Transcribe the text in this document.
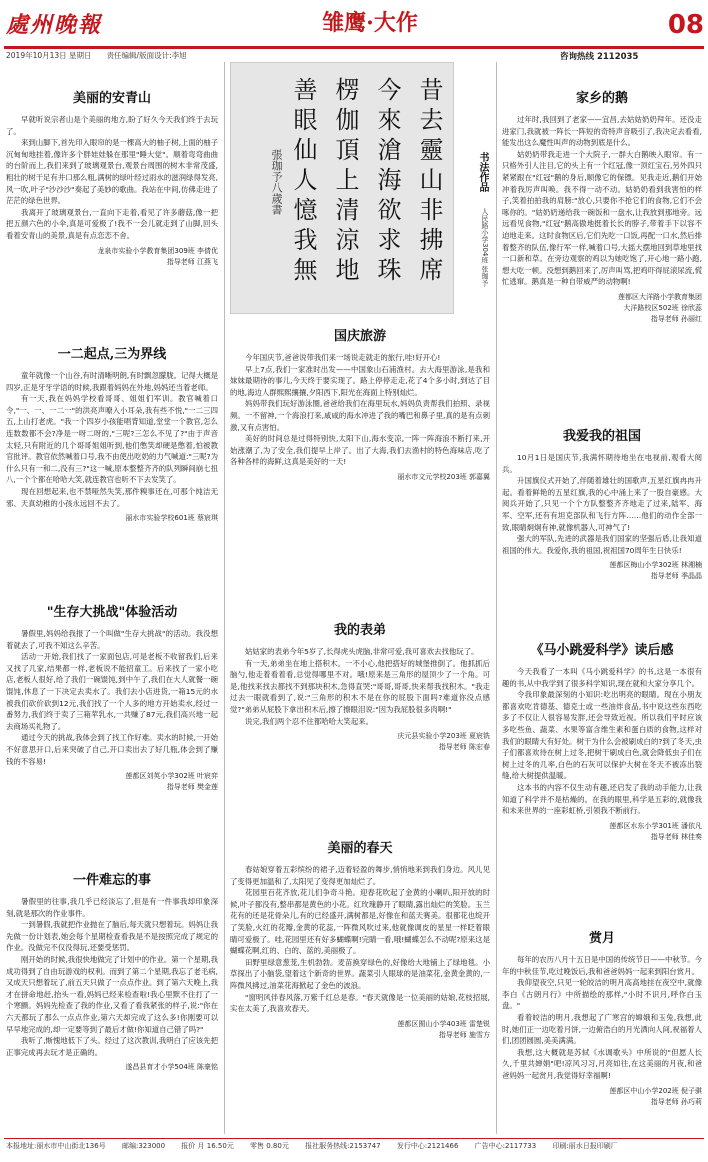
處州晚報	雏鹰·大作	08
2019年10月13日 星期日　　责任编辑/版面设计:李旭	咨询热线 2112035
昔去靈山非拂席
今來滄海欲求珠
楞伽頂上清涼地
善眼仙人憶我無
張珈予八歲書	书法作品
人民路小学304班 张珈予
美丽的安青山

早就听说宗者山是个美丽的地方,盼了好久今天我们终于去玩了。

来到山脚下,首先印入眼帘的是一棵高大的柚子树,上面的柚子沉甸甸地挂着,像许多个胖娃娃躲在那里"睡大觉"。顺着弯弯曲曲的台阶而上,我们来到了玻璃观景台,观景台周围的树木非常茂盛,粗壮的树干足有井口那么粗,满树的绿叶经过雨水的滋润绿得发亮,风一吹,叶子"沙沙沙"奏起了美妙的歌曲。我站在中间,仿佛走进了茫茫的绿色世界。

我离开了玻璃观景台,一直向下走着,看见了许多蘑菇,像一把把五颜六色的小伞,真是可爱极了!我不一会儿就走到了山脚,回头看着安青山的美景,真是有点恋恋不舍。

龙泉市实验小学教育集团309班 李倩优

指导老师 江燕飞

一二起点,三为界线

童年就像一个山谷,有时清晰明朗,有时飘忽朦胧。记得大概是四岁,正是牙牙学语的时候,我跟着妈妈在外地,妈妈还当着老师。

有一天,我在妈妈学校看哥哥、姐姐们军训。教官喊着口令,"一、一、一二一"的洪亮声嘹入小耳朵,我有些不悦,"一二三四五,上山打老虎。"我一个四岁小孩能唱背知道,堂堂一个教官,怎么连数数都不会?净是一呀二呀的,"三呢?三怎么不见了?"由于声音太轻,只有附近的几个哥哥姐姐听到,他们憋笑却硬是憋着,怕被教官批评。教官依然喊着口号,我不由使出吃奶的力气喊道:"三呢?为什么只有一和二,没有三?"这一喊,原本整整齐齐的队列瞬间崩七扭八,一个个都在哈哈大笑,就连教官也听不下去发笑了。

现在回想起来,也不禁哑然失笑,那件糗事还在,可那个纯洁无邪、天真幼稚的小孩永远回不去了。

丽水市实验学校601班 蔡宸琪

"生存大挑战"体验活动

暑假里,妈妈给我报了一个叫做"生存大挑战"的活动。我没想着就去了,可我不知这么辛苦。

活动一开始,我们找了一家面包店,可是老板不收留我们,后来又找了几家,结果都一样,老板说不能招童工。后来找了一家小吃店,老板人很好,给了我们一碗馄饨,到中午了,我们在大人就餐一碗馄饨,休息了一下决定去卖水了。我们去小店进货,一箱15元的水被我们砍价砍到12元,我们找了一个人多的地方开始卖水,经过一番努力,我们终于卖了三箱苹乳水,一共赚了87元,我们高兴地一起去商场买礼物了。

通过今天的挑战,我体会到了找工作好难。卖水的时候,一开始不好意思开口,后来突破了自己,开口卖出去了好几瓶,体会到了赚钱的不容易!

莲都区刘英小学302班 叶宸弈

指导老师 樊金莲

一件难忘的事

暑假里的往事,我几乎已经淡忘了,但是有一件事我却印象深刻,就是那次的作业事件。

一到暑假,我就把作业抛在了脑后,每天就只想着玩。妈妈让我先做一份计划表,她会每个星期检查看我是不是按照完成了规定的作业。没做完不仅没得玩,还要受惩罚。

刚开始的时候,我很快地做完了计划中的作业。第一个星期,我成功得到了自由玩游戏的权利。而到了第二个星期,我忘了老毛病,又成天只想着玩了,前五天只做了一点点作业。到了第六天晚上,我才在拼命地赶,抬头一看,妈妈已经来检查啦!我心里默不住打了一个寒颤。妈妈先检查了我的作业,又看了看我紧张的样子,说:"你在六天都玩了那么一点点作业,第六天却完成了这么多!你刚要可以早早地完成的,却一定要等到了最后才做!你知道自己错了吗?"

我听了,惭愧地低下了头。经过了这次教训,我明白了应该先把正事完成再去玩才是正确的。

遂昌县育才小学504班 陈豪铭

国庆旅游

今年国庆节,爸爸说带我们来一场说走就走的旅行,哇!好开心!

早上7点,我们一家准时出发——中国象山石浦渔村。去大海里游泳,是我和妹妹最期待的事儿,今天终于要实现了。路上停停走走,花了4个多小时,到达了目的地,海边人群熙熙攘攘,夕阳西下,阳光在海面上特别灿烂。

妈妈带我们玩好游泳圈,爸爸给我们在海里玩水,妈妈负责帮我们拍照、录视频。一不留神,一个海浪打来,咸咸的海水冲进了我的嘴巴和鼻子里,真的是有点刺激,又有点害怕。

美好的时间总是过得特别快,太阳下山,海水变凉,一阵一阵海浪不断打来,开始涨潮了,为了安全,我们提早上岸了。出了大海,我们去渔村的特色海味店,吃了各种各样的海鲜,这真是美好的一天!

丽水市文元学校203班 郭嘉翼

我的表弟

姑姑家的表弟今年5岁了,长得虎头虎脑,非常可爱,我可喜欢去找他玩了。

有一天,弟弟坐在地上搭积木。一不小心,他把搭好的城堡推倒了。他抓抓后脑勺,他走着看着看,总觉得哪里不对。哦!原来是三角形的屋顶少了一个角。可是,他找来找去都找不到那块积木,急得直哭:"哥哥,哥哥,快来帮我找积木。"我走过去一眼就看到了,说:"三角形的积木不是在你的屁股下面吗?难道你没点感觉?"弟弟从屁股下拿出积木后,擦了擦眼泪说:"因为我屁股很多肉啊!"

说完,我们两个忍不住都哈哈大笑起来。

庆元县实验小学203班 夏宸铣

指导老师 陈宏春

美丽的春天

春姑娘穿着五彩缤纷的裙子,迈着轻盈的舞步,悄悄地来到我们身边。风儿见了变得更加温和了,太阳见了变得更加灿烂了。

花园里百花齐放,花儿们争奇斗艳。迎春花吹起了金黄的小喇叭,阳开放的时候,叶子都没有,整串都是黄色的小花。红玫瑰静开了眼睛,露出灿烂的笑脸。玉兰花有的还是花骨朵儿,有的已经盛开,满树都是,好像在和蓝天赛美。很都花也绽开了笑脸,火红的花瓣,金黄的花蕊,一阵微风吹过来,他就像调皮的星星一样眨着眼睛可爱极了。哇,花园里还有好多蝴蝶啊!完睛一看,哦!蝴蝶怎么不动呢?原来这是蝴蝶花啊,红的、白的、蓝的,美丽极了。

田野里绿意葱茏,生机勃勃。麦苗换穿绿色的,好像给大地铺上了绿地毯。小草探出了小脑袋,望着这个新奇的世界。蔬菜引人眼球的是油菜花,金黄金黄的,一阵微风拂过,油菜花海掀起了金色的波浪。

"窗明风伴春风落,万紫千红总是春。"春天就像是一位美丽的姑娘,花枝招展,实在太美了,我喜欢春天。

莲都区囿山小学403班 雷楚锐

指导老师 施雪方

家乡的鹅

过年时,我回到了老家——宜昌,去姑姑奶奶拜年。还没走进家门,我就被一阵长一阵短的奇特声音吸引了,我决定去看看,能发出这么魔性叫声的动物到底是什么。

姑奶奶带我走进一个大院子,一群大白鹅映入眼帘。有一只格外引人注目,它的头上有一个红冠,像一顶红宝石,另外四只紧紧跟在"红冠"鹅的身后,顺像它的保镖。见我走近,鹅们开始冲着我厉声叫唤。我不得一动不动。姑奶奶看到我害怕的样子,笑着拍拍我的肩膀:"放心,只要你不抢它们的食物,它们不会啄你的。"姑奶奶递给我一碗饭和一盘水,让我放到那地旁。远远看见食物,"红冠"鹅高傲地挺着长长的脖子,带着手下以容不迫地走来。这时食物区后,它们先吃一口饭,再配一口水,然后排着整齐的队伍,像行军一样,喊着口号,大摇大摆地回到草地里找一口新和草。在旁边观察的鸡以为她吃饱了,开心地一路小跑,想大吃一顿。没想到鹅回来了,厉声叫骂,把鸡吓得屁滚尿流,慌忙逃窜。鹅真是一种自带威严的动物啊!

莲都区大洋路小学教育集团

大洋路校区502班 徐欣蕊

指导老师 孙丽红

我爱我的祖国

10月1日是国庆节,我满怀期待地坐在电视前,观看大阅兵。

升国旗仪式开始了,伴随着雄壮的国歌声,五星红旗冉冉升起。看着鲜艳的五星红旗,我的心中涌上来了一股自豪感。大阅兵开始了,只见一个个方队整整齐齐地走了过来,陆军、海军、空军,还有有坦克部队和飞行方阵……他们的动作全部一致,眼睛炯炯有神,就像机器人,可神气了!

强大的军队,先进的武器是我们国家的坚强后盾,让我知道祖国的伟大。我爱你,我的祖国,祝祖国70周年生日快乐!

莲都区梅山小学302班 林湘楠

指导老师 季晶晶

《马小跳爱科学》读后感

今天我看了一本叫《马小跳爱科学》的书,这是一本很有趣的书,从中我学到了很多科学知识,现在就和大家分享几个。

令我印象最深刻的小知识:吃出明亮的眼睛。现在小朋友都喜欢吃肯德基、德克士或一些油炸食品,书中说这些东西吃多了不仅让人很容易发胖,还会导致近视。所以我们平时应该多吃些鱼、蔬菜、水果等富含维生素和蛋白质的食物,这样对我们的眼睛大有好处。树干为什么会被刷成白的?到了冬天,虫子们都喜欢待在树上过冬,把树干刷成白色,就会降低虫子们在树上过冬的几率,白色的石灰可以保护大树在冬天不被冻出裂缝,给大树提供温暖。

这本书的内容不仅生动有趣,还启发了我的动手能力,让我知道了科学并不是枯燥的。在我的眼里,科学是五彩的,就像我和未来世界的一座彩虹桥,引领我不断前行。

莲都区水东小学301班 潘依凡

指导老师 林佳奏

赏月

每年的农历八月十五日是中国的传统节日——中秋节。今年的中秋佳节,吃过晚饭后,我和爸爸妈妈一起来到阳台赏月。

我仰望夜空,只见一轮皎洁的明月高高地挂在夜空中,就像李白《古朗月行》中所描绘的那样,"小时不识月,呼作白玉盘。"

看着皎洁的明月,我想起了广寒宫的嫦娥和玉兔,我想,此时,她们正一边吃着月饼,一边俯浩白的月光洒向人间,祝福着人们,团团圆圆,美美满满。

我想,这大概就是苏轼《水调歌头》中所说的"但愿人长久,千里共婵娟"吧!凉风习习,月亮如往,在这美丽的月夜,和爸爸妈妈一起赏月,我觉得好幸福啊!

莲都区中山小学202班 倪子骐

指导老师 孙巧莉

本报地址:丽水市中山街北136号 邮编:323000 报价 月 16.50元 零售 0.80元 报社服务热线:2153747 发行中心:2121466 广告中心:2117733 印刷:丽水日报印刷厂
